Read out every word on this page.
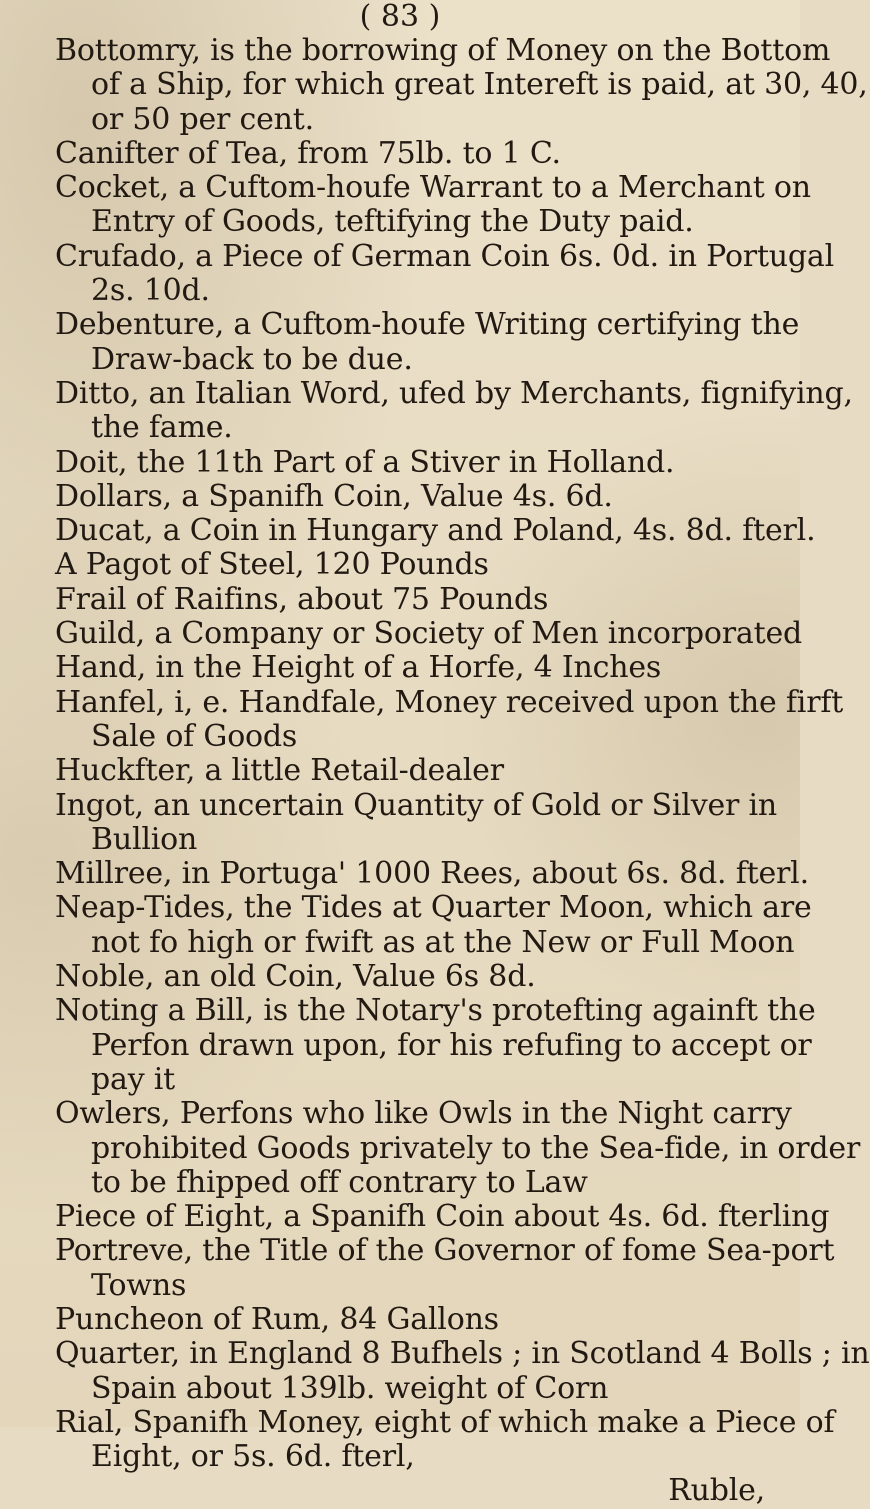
( 83 )
Bottomry, is the borrowing of Money on the Bottom
of a Ship, for which great Intereft is paid, at 30, 40,
or 50 per cent.
Canifter of Tea, from 75lb. to 1 C.
Cocket, a Cuftom-houfe Warrant to a Merchant on
Entry of Goods, teftifying the Duty paid.
Crufado, a Piece of German Coin 6s. 0d. in Portugal
2s. 10d.
Debenture, a Cuftom-houfe Writing certifying the
Draw-back to be due.
Ditto, an Italian Word, ufed by Merchants, fignifying,
the fame.
Doit, the 11th Part of a Stiver in Holland.
Dollars, a Spanifh Coin, Value 4s. 6d.
Ducat, a Coin in Hungary and Poland, 4s. 8d. fterl.
A Pagot of Steel, 120 Pounds
Frail of Raifins, about 75 Pounds
Guild, a Company or Society of Men incorporated
Hand, in the Height of a Horfe, 4 Inches
Hanfel, i, e. Handfale, Money received upon the firft
Sale of Goods
Huckfter, a little Retail-dealer
Ingot, an uncertain Quantity of Gold or Silver in
Bullion
Millree, in Portuga' 1000 Rees, about 6s. 8d. fterl.
Neap-Tides, the Tides at Quarter Moon, which are
not fo high or fwift as at the New or Full Moon
Noble, an old Coin, Value 6s 8d.
Noting a Bill, is the Notary's protefting againft the
Perfon drawn upon, for his refufing to accept or
pay it
Owlers, Perfons who like Owls in the Night carry
prohibited Goods privately to the Sea-fide, in order
to be fhipped off contrary to Law
Piece of Eight, a Spanifh Coin about 4s. 6d. fterling
Portreve, the Title of the Governor of fome Sea-port
Towns
Puncheon of Rum, 84 Gallons
Quarter, in England 8 Bufhels ; in Scotland 4 Bolls ; in
Spain about 139lb. weight of Corn
Rial, Spanifh Money, eight of which make a Piece of
Eight, or 5s. 6d. fterl,
Ruble,
